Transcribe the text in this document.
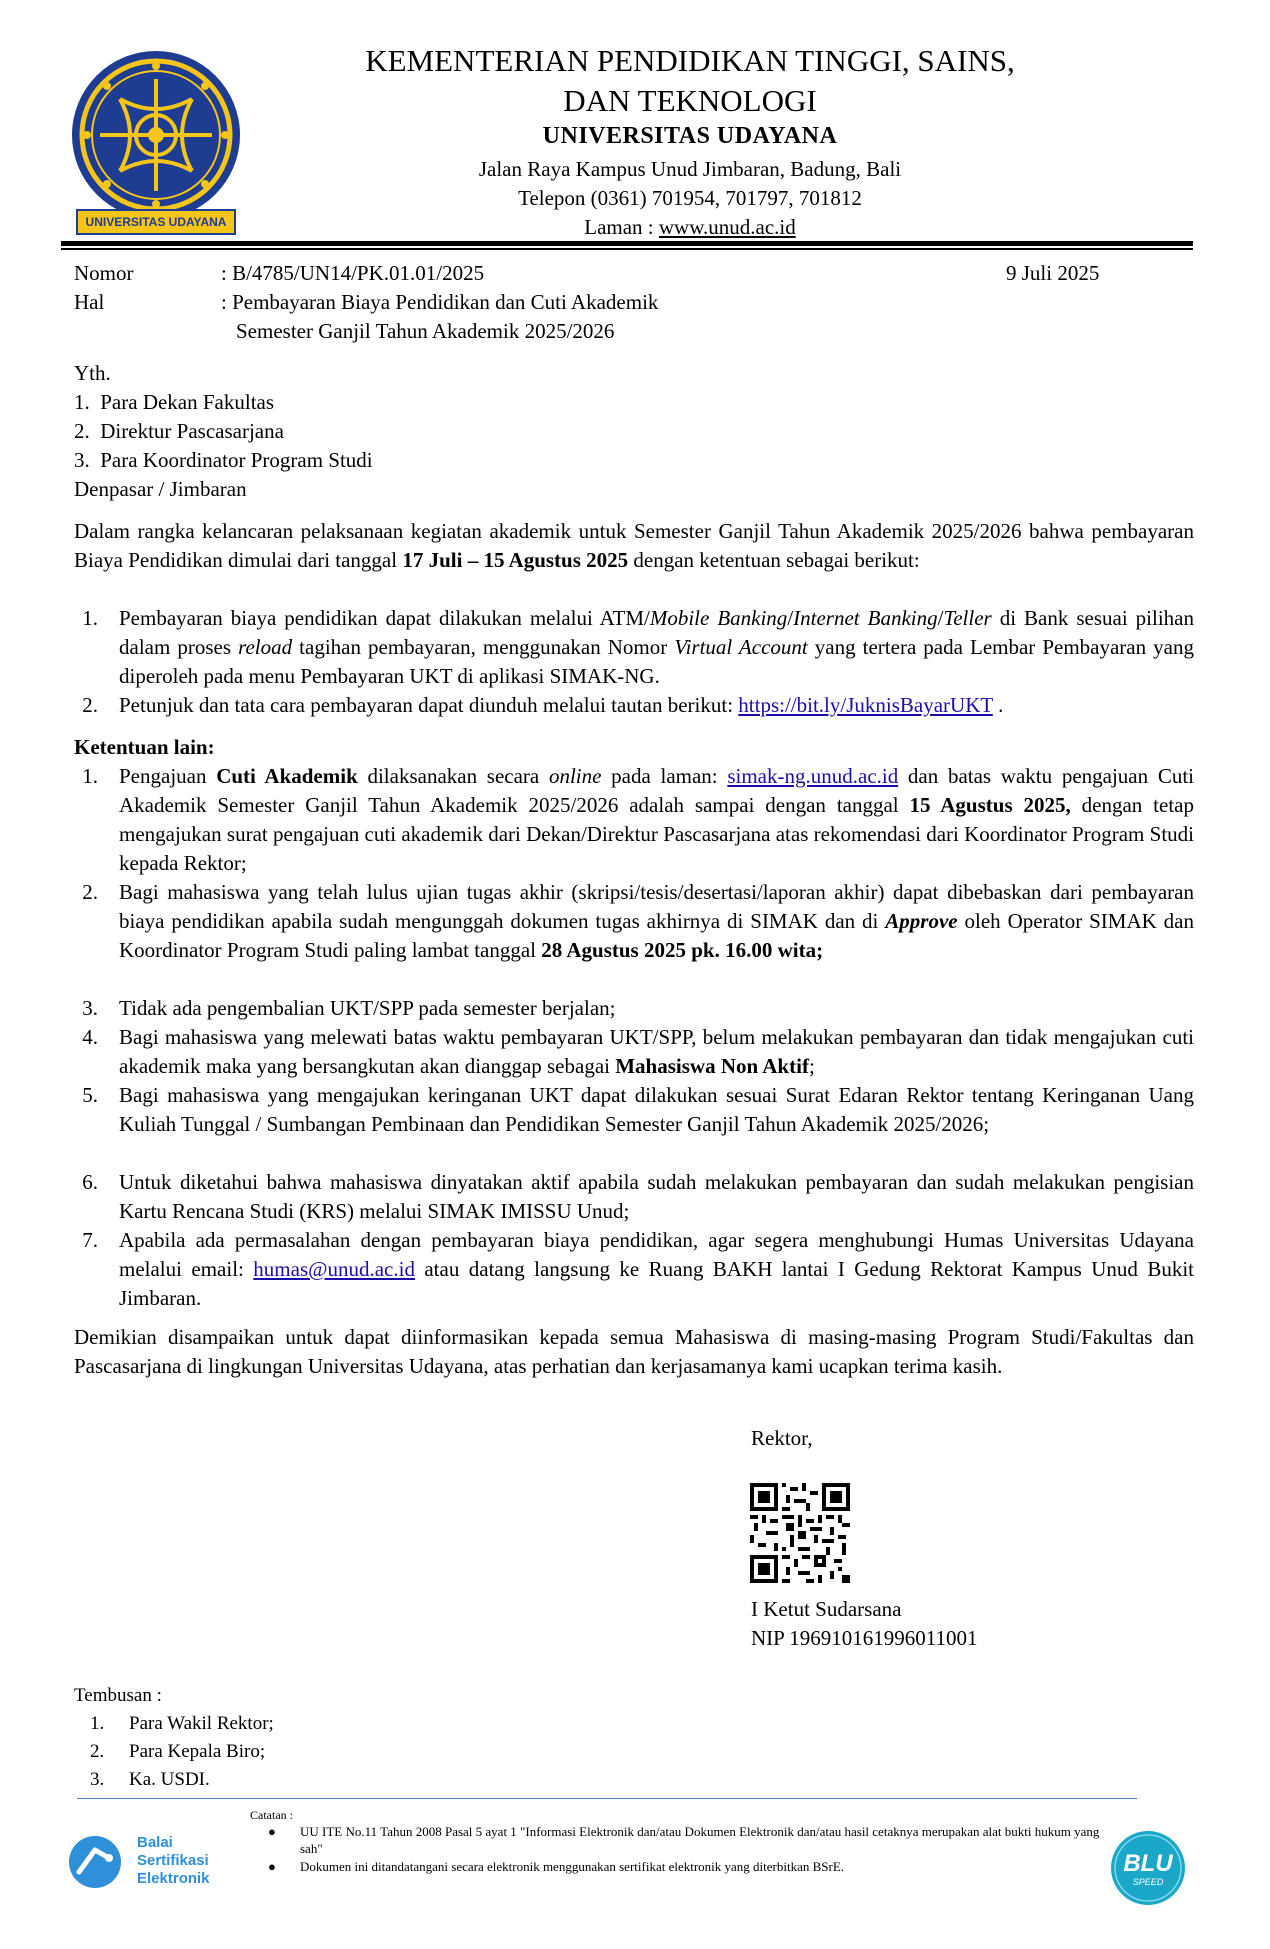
UNIVERSITAS UDAYANA
KEMENTERIAN PENDIDIKAN TINGGI, SAINS,
DAN TEKNOLOGI
UNIVERSITAS UDAYANA
Jalan Raya Kampus Unud Jimbaran, Badung, Bali
Telepon (0361) 701954, 701797, 701812
Laman : www.unud.ac.id
Nomor	: B/4785/UN14/PK.01.01/2025	9 Juli 2025
Hal	: Pembayaran Biaya Pendidikan dan Cuti Akademik
Semester Ganjil Tahun Akademik 2025/2026
Yth.
1.  Para Dekan Fakultas
2.  Direktur Pascasarjana
3.  Para Koordinator Program Studi
Denpasar / Jimbaran
Dalam rangka kelancaran pelaksanaan kegiatan akademik untuk Semester Ganjil Tahun Akademik 2025/2026 bahwa pembayaran Biaya Pendidikan dimulai dari tanggal 17 Juli – 15 Agustus 2025 dengan ketentuan sebagai berikut:
1. Pembayaran biaya pendidikan dapat dilakukan melalui ATM/Mobile Banking/Internet Banking/Teller di Bank sesuai pilihan dalam proses reload tagihan pembayaran, menggunakan Nomor Virtual Account yang tertera pada Lembar Pembayaran yang diperoleh pada menu Pembayaran UKT di aplikasi SIMAK-NG.
2. Petunjuk dan tata cara pembayaran dapat diunduh melalui tautan berikut: https://bit.ly/JuknisBayarUKT .
Ketentuan lain:
1. Pengajuan Cuti Akademik dilaksanakan secara online pada laman: simak-ng.unud.ac.id dan batas waktu pengajuan Cuti Akademik Semester Ganjil Tahun Akademik 2025/2026 adalah sampai dengan tanggal 15 Agustus 2025, dengan tetap mengajukan surat pengajuan cuti akademik dari Dekan/Direktur Pascasarjana atas rekomendasi dari Koordinator Program Studi kepada Rektor;
2. Bagi mahasiswa yang telah lulus ujian tugas akhir (skripsi/tesis/desertasi/laporan akhir) dapat dibebaskan dari pembayaran biaya pendidikan apabila sudah mengunggah dokumen tugas akhirnya di SIMAK dan di Approve oleh Operator SIMAK dan Koordinator Program Studi paling lambat tanggal 28 Agustus 2025 pk. 16.00 wita;
3. Tidak ada pengembalian UKT/SPP pada semester berjalan;
4. Bagi mahasiswa yang melewati batas waktu pembayaran UKT/SPP, belum melakukan pembayaran dan tidak mengajukan cuti akademik maka yang bersangkutan akan dianggap sebagai Mahasiswa Non Aktif;
5. Bagi mahasiswa yang mengajukan keringanan UKT dapat dilakukan sesuai Surat Edaran Rektor tentang Keringanan Uang Kuliah Tunggal / Sumbangan Pembinaan dan Pendidikan Semester Ganjil Tahun Akademik 2025/2026;
6. Untuk diketahui bahwa mahasiswa dinyatakan aktif apabila sudah melakukan pembayaran dan sudah melakukan pengisian Kartu Rencana Studi (KRS) melalui SIMAK IMISSU Unud;
7. Apabila ada permasalahan dengan pembayaran biaya pendidikan, agar segera menghubungi Humas Universitas Udayana melalui email: humas@unud.ac.id atau datang langsung ke Ruang BAKH lantai I Gedung Rektorat Kampus Unud Bukit Jimbaran.
Demikian disampaikan untuk dapat diinformasikan kepada semua Mahasiswa di masing-masing Program Studi/Fakultas dan Pascasarjana di lingkungan Universitas Udayana, atas perhatian dan kerjasamanya kami ucapkan terima kasih.
Rektor,
I Ketut Sudarsana
NIP 196910161996011001
Tembusan :
1. Para Wakil Rektor;
2. Para Kepala Biro;
3. Ka. USDI.
Balai
Sertifikasi
Elektronik
Catatan :
● UU ITE No.11 Tahun 2008 Pasal 5 ayat 1 "Informasi Elektronik dan/atau Dokumen Elektronik dan/atau hasil cetaknya merupakan alat bukti hukum yang sah"
● Dokumen ini ditandatangani secara elektronik menggunakan sertifikat elektronik yang diterbitkan BSrE.	BLU
SPEED
